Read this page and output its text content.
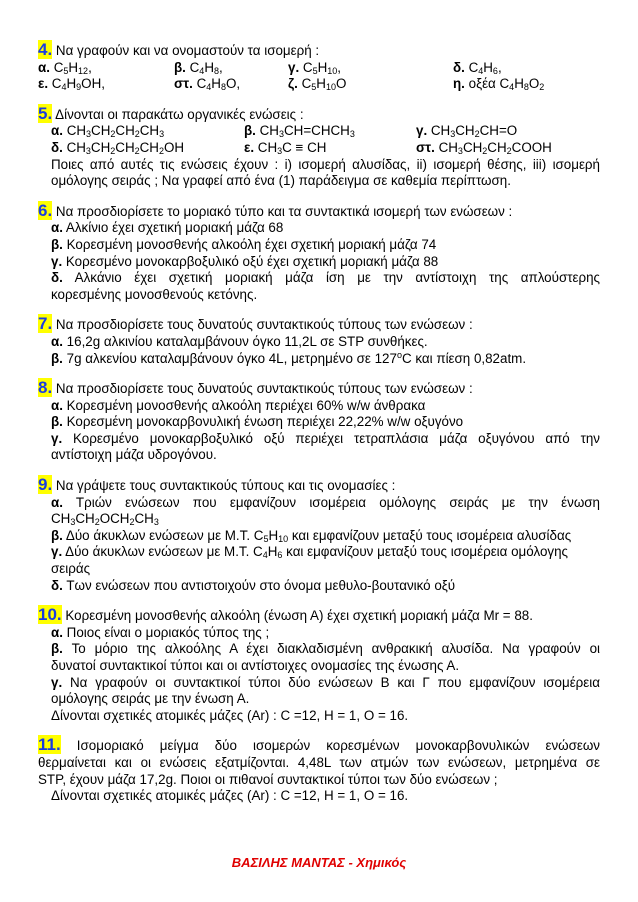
4. Να γραφούν και να ονομαστούν τα ισομερή :
α. $C_5H_{12}$,	β. $C_4H_8$,	γ. $C_5H_{10}$,	δ. $C_4H_6$,
ε. $C_4H_9OH$,	στ. $C_4H_8O$,	ζ. $C_5H_{10}O$	η. οξέα $C_4H_8O_2$
5. Δίνονται οι παρακάτω οργανικές ενώσεις :
α. $CH_3CH_2CH_2CH_3$	β. $CH_3CH=CHCH_3$	γ. $CH_3CH_2CH=O$
δ. $CH_3CH_2CH_2CH_2OH$	ε. $CH_3C$ ≡ CH	στ. $CH_3CH_2CH_2COOH$
Ποιες από αυτές τις ενώσεις έχουν : i) ισομερή αλυσίδας, ii) ισομερή θέσης, iii) ισομερή
ομόλογης σειράς ; Να γραφεί από ένα (1) παράδειγμα σε καθεμία περίπτωση.
6. Να προσδιορίσετε το μοριακό τύπο και τα συντακτικά ισομερή των ενώσεων :
α. Αλκίνιο έχει σχετική μοριακή μάζα 68
β. Κορεσμένη μονοσθενής αλκοόλη έχει σχετική μοριακή μάζα 74
γ. Κορεσμένο μονοκαρβοξυλικό οξύ έχει σχετική μοριακή μάζα 88
δ. Αλκάνιο έχει σχετική μοριακή μάζα ίση με την αντίστοιχη της απλούστερης
κορεσμένης μονοσθενούς κετόνης.
7. Να προσδιορίσετε τους δυνατούς συντακτικούς τύπους των ενώσεων :
α. 16,2g αλκινίου καταλαμβάνουν όγκο 11,2L σε STP συνθήκες.
β. 7g αλκενίου καταλαμβάνουν όγκο 4L, μετρημένο σε 127$^o$C και πίεση 0,82atm.
8. Να προσδιορίσετε τους δυνατούς συντακτικούς τύπους των ενώσεων :
α. Κορεσμένη μονοσθενής αλκοόλη περιέχει 60% w/w άνθρακα
β. Κορεσμένη μονοκαρβονυλική ένωση περιέχει 22,22% w/w οξυγόνο
γ. Κορεσμένο μονοκαρβοξυλικό οξύ περιέχει τετραπλάσια μάζα οξυγόνου από την
αντίστοιχη μάζα υδρογόνου.
9. Να γράψετε τους συντακτικούς τύπους και τις ονομασίες :
α. Τριών ενώσεων που εμφανίζουν ισομέρεια ομόλογης σειράς με την ένωση
$CH_3CH_2OCH_2CH_3$
β. Δύο άκυκλων ενώσεων με Μ.Τ. $C_5H_{10}$ και εμφανίζουν μεταξύ τους ισομέρεια αλυσίδας
γ. Δύο άκυκλων ενώσεων με Μ.Τ. $C_4H_6$ και εμφανίζουν μεταξύ τους ισομέρεια ομόλογης
σειράς
δ. Των ενώσεων που αντιστοιχούν στο όνομα μεθυλο-βουτανικό οξύ
10. Κορεσμένη μονοσθενής αλκοόλη (ένωση Α) έχει σχετική μοριακή μάζα Mr = 88.
α. Ποιος είναι ο μοριακός τύπος της ;
β. Το μόριο της αλκοόλης Α έχει διακλαδισμένη ανθρακική αλυσίδα. Να γραφούν οι
δυνατοί συντακτικοί τύποι και οι αντίστοιχες ονομασίες της ένωσης Α.
γ. Να γραφούν οι συντακτικοί τύποι δύο ενώσεων Β και Γ που εμφανίζουν ισομέρεια
ομόλογης σειράς με την ένωση Α.
Δίνονται σχετικές ατομικές μάζες (Ar) : C =12, H = 1, O = 16.
11. Ισομοριακό μείγμα δύο ισομερών κορεσμένων μονοκαρβονυλικών ενώσεων
θερμαίνεται και οι ενώσεις εξατμίζονται. 4,48L των ατμών των ενώσεων, μετρημένα σε
STP, έχουν μάζα 17,2g. Ποιοι οι πιθανοί συντακτικοί τύποι των δύο ενώσεων ;
Δίνονται σχετικές ατομικές μάζες (Ar) : C =12, H = 1, O = 16.
ΒΑΣΙΛΗΣ ΜΑΝΤΑΣ - Χημικός
